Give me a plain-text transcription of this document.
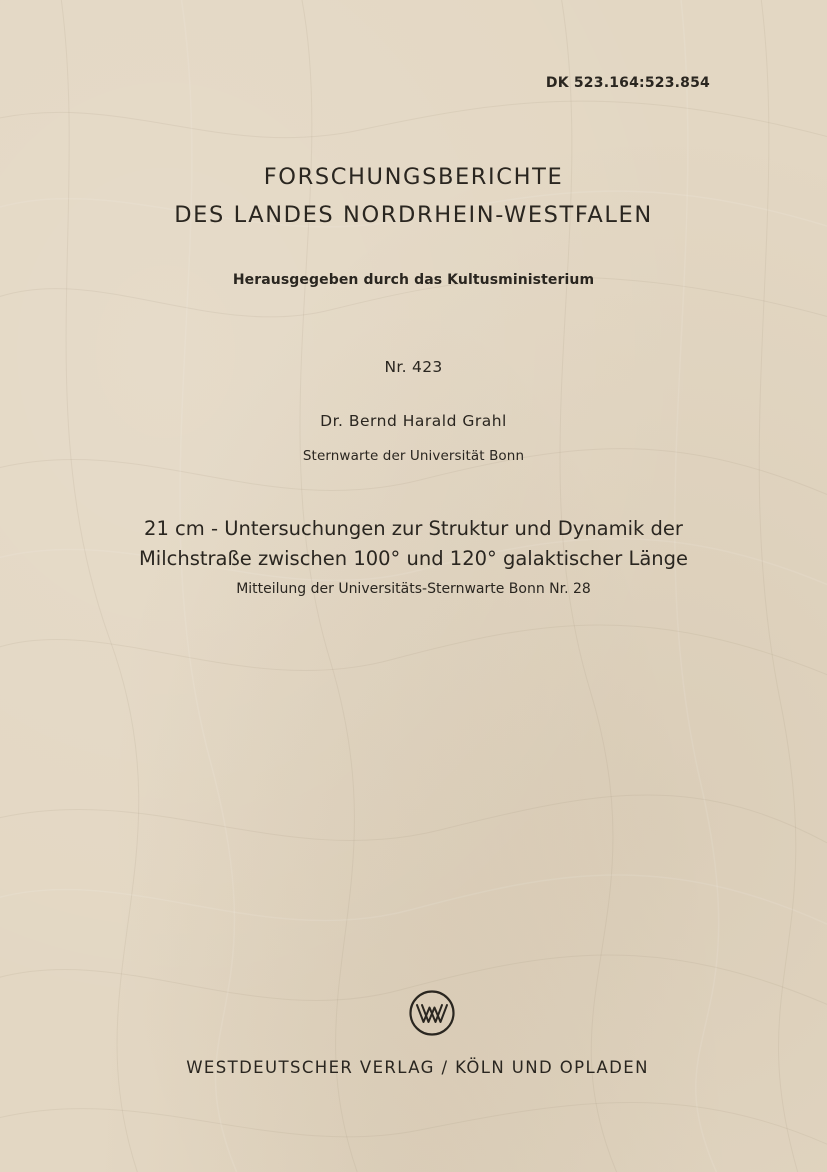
DK 523.164:523.854
FORSCHUNGSBERICHTE
DES LANDES NORDRHEIN-WESTFALEN
Herausgegeben durch das Kultusministerium
Nr. 423
Dr. Bernd Harald Grahl
Sternwarte der Universität Bonn
21 cm - Untersuchungen zur Struktur und Dynamik der
Milchstraße zwischen 100° und 120° galaktischer Länge
Mitteilung der Universitäts-Sternwarte Bonn Nr. 28
WESTDEUTSCHER VERLAG / KÖLN UND OPLADEN
